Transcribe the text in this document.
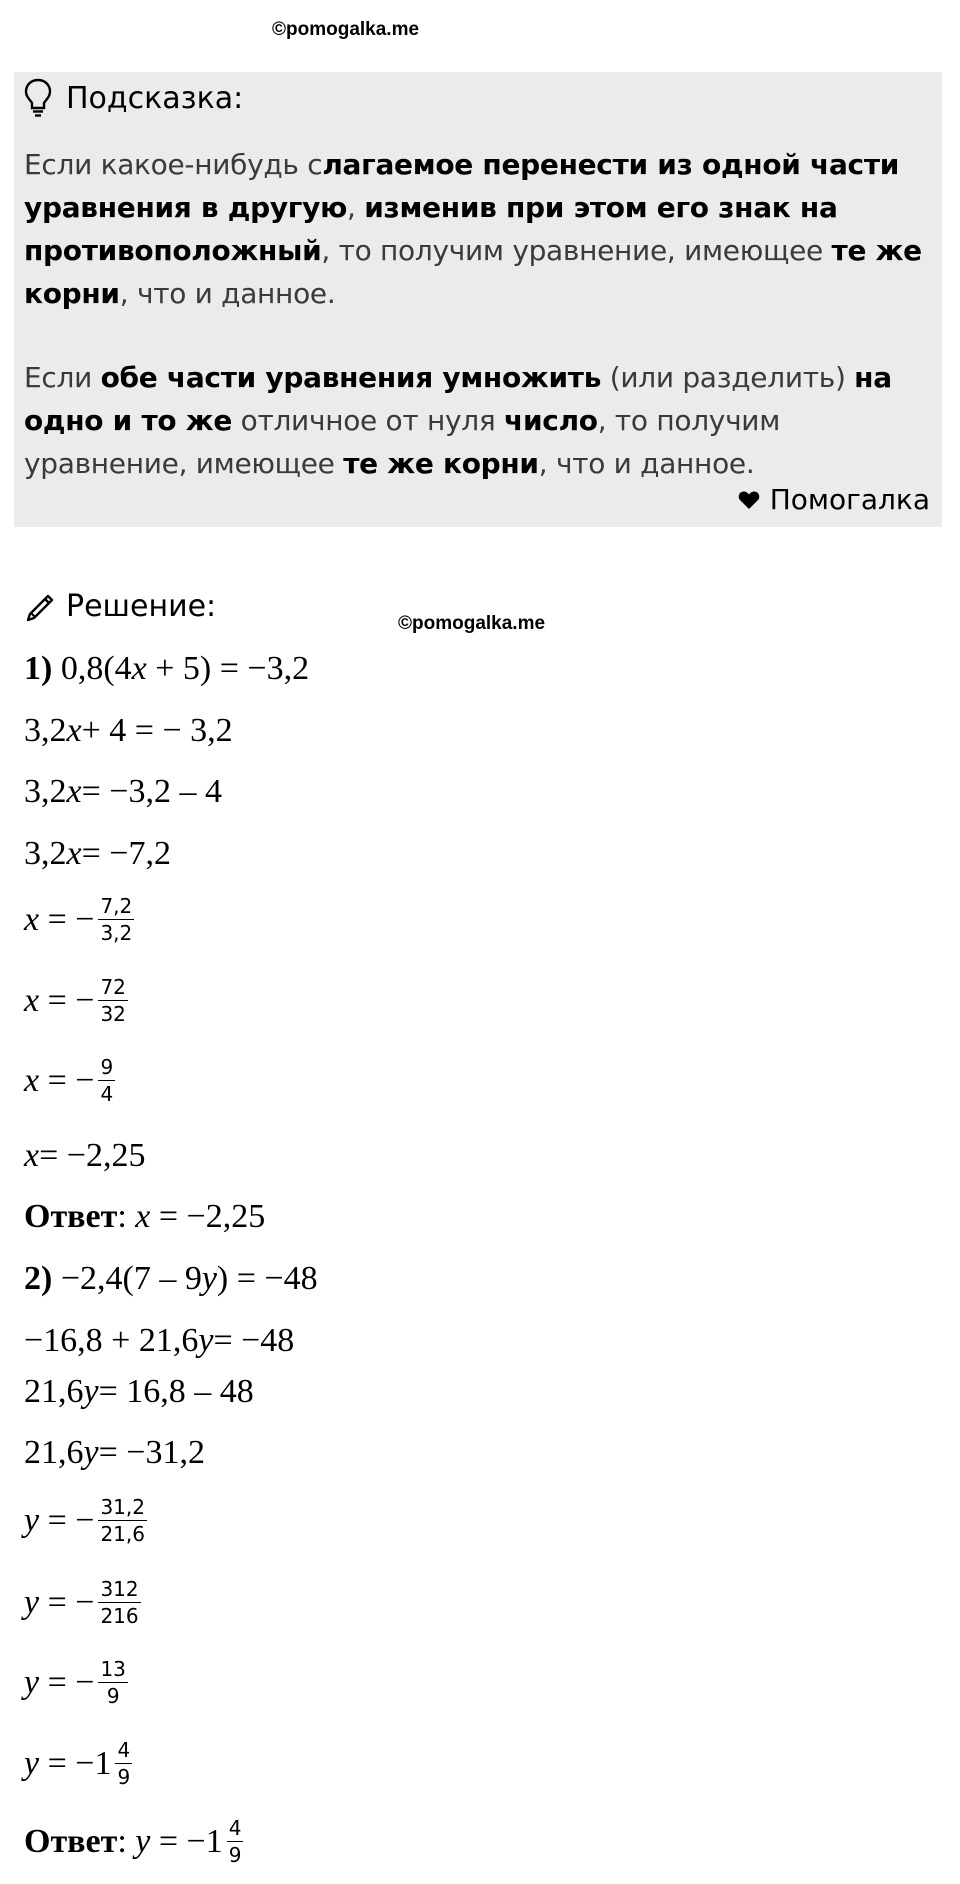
©pomogalka.me
Подсказка:
Если какое-нибудь слагаемое перенести из одной части уравнения в другую, изменив при этом его знак на противоположный, то получим уравнение, имеющее те же корни, что и данное.
Если обе части уравнения умножить (или разделить) на одно и то же отличное от нуля число, то получим уравнение, имеющее те же корни, что и данное.
Помогалка
Решение:	©pomogalka.me
1)
0,8(4x + 5) = −3,2
3,2 x + 4 = − 3,2
3,2 x = −3,2 – 4
3,2 x = −7,2
x = − $\frac{7,2}{3,2}$
x = − $\frac{72}{32}$
x = − $\frac{9}{4}$
x = −2,25
Ответ : x = −2,25
2)
−2,4(7 – 9y) = −48
−16,8 + 21,6 y = −48
21,6 y = 16,8 – 48
21,6 y = −31,2
y = − $\frac{31,2}{21,6}$
y = − $\frac{312}{216}$
y = − $\frac{13}{9}$
$y = -1 \frac{4}{9}$
Ответ : $y = -1 \frac{4}{9}$
